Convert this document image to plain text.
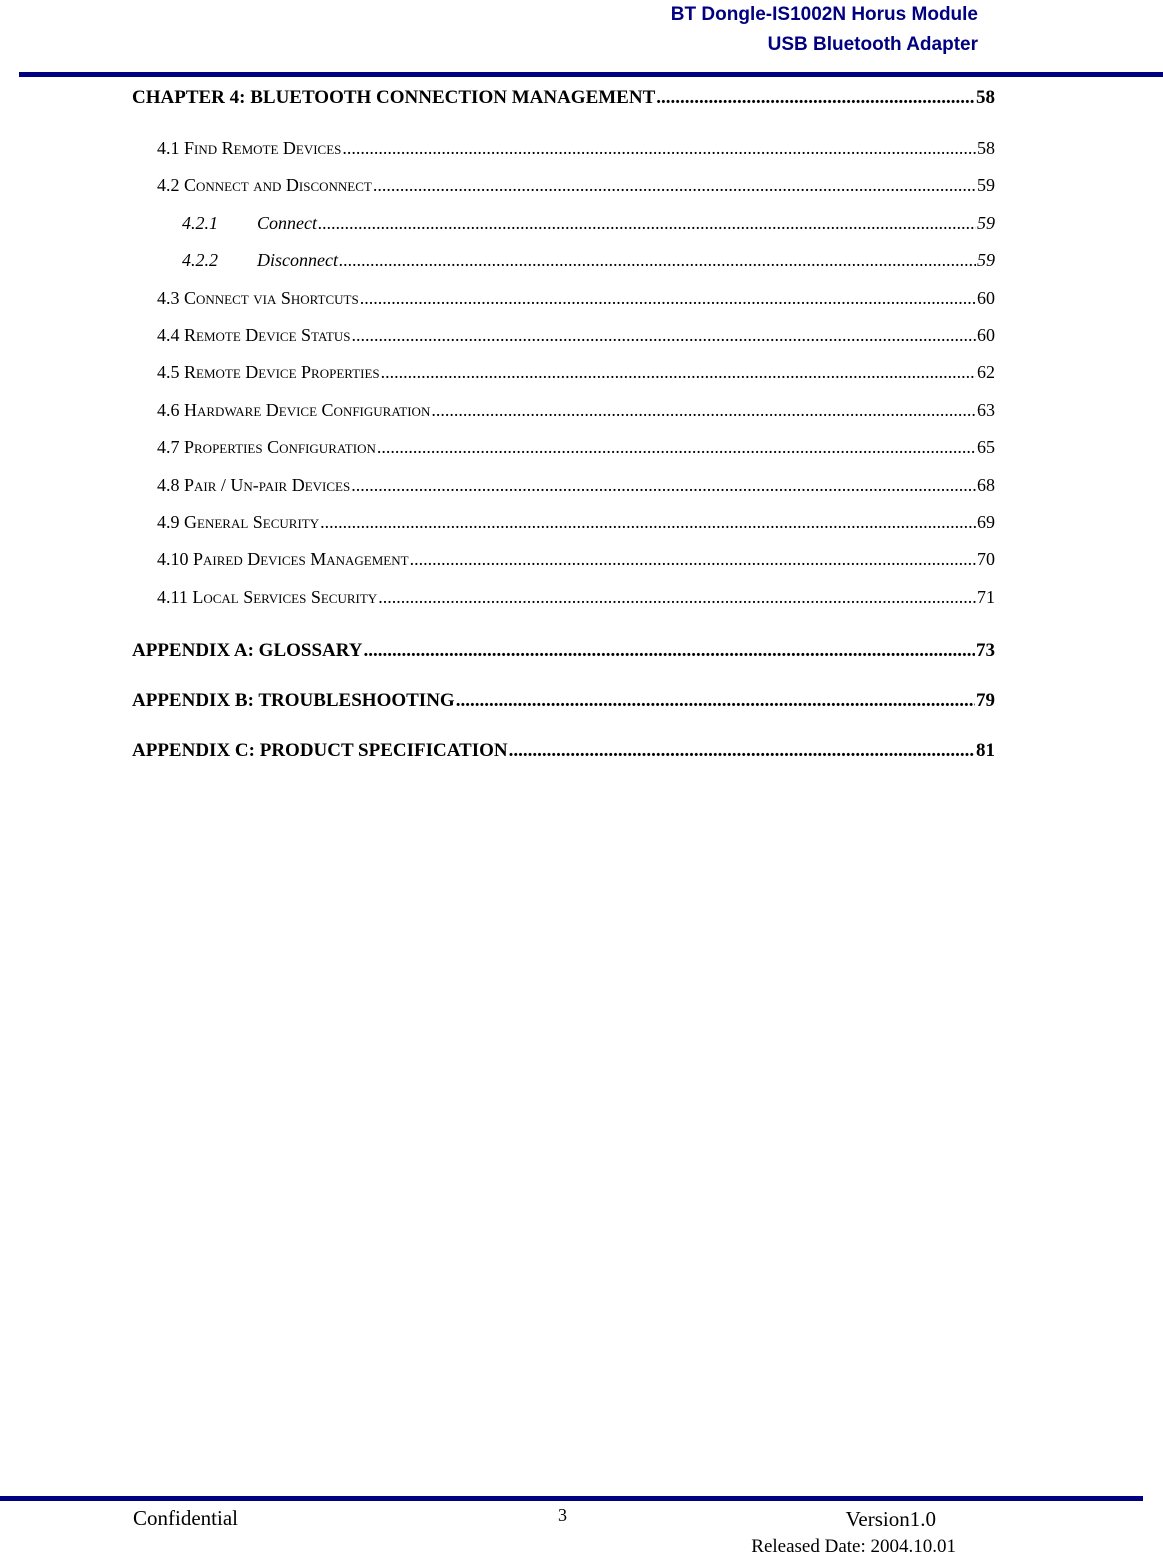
BT Dongle-IS1002N Horus Module
USB Bluetooth Adapter
CHAPTER 4: BLUETOOTH CONNECTION MANAGEMENT .....	58
4.1 Find Remote Devices .....	58
4.2 Connect and Disconnect .....	59
4.2.1 Connect .....	59
4.2.2 Disconnect .....	59
4.3 Connect via Shortcuts .....	60
4.4 Remote Device Status .....	60
4.5 Remote Device Properties .....	62
4.6 Hardware Device Configuration .....	63
4.7 Properties Configuration .....	65
4.8 Pair / Un-pair Devices .....	68
4.9 General Security .....	69
4.10 Paired Devices Management .....	70
4.11 Local Services Security .....	71
APPENDIX A: GLOSSARY .....	73
APPENDIX B: TROUBLESHOOTING .....	79
APPENDIX C: PRODUCT SPECIFICATION .....	81
Confidential	3	Version1.0
Released Date: 2004.10.01
